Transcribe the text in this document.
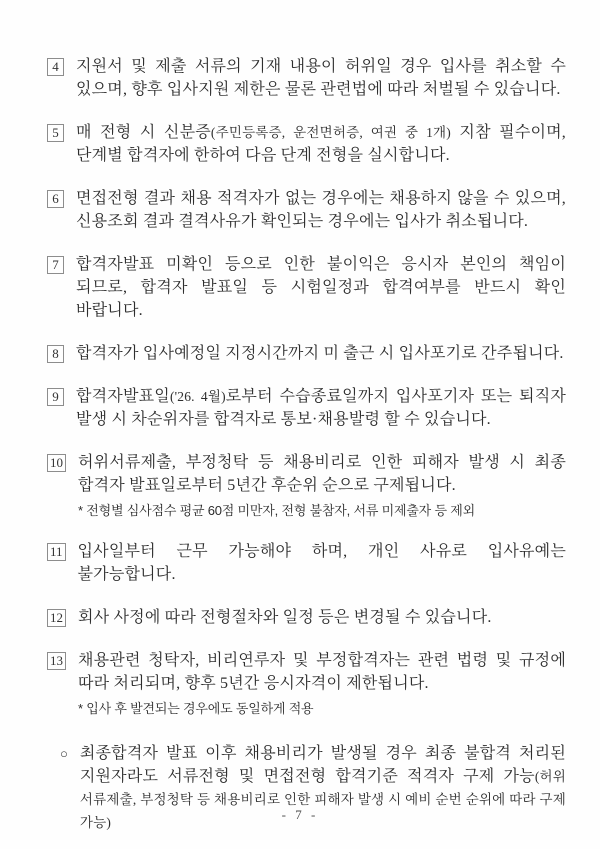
4	지원서 및 제출 서류의 기재 내용이 허위일 경우 입사를 취소할 수 있으며, 향후 입사지원 제한은 물론 관련법에 따라 처벌될 수 있습니다.
5	매 전형 시 신분증(주민등록증, 운전면허증, 여권 중 1개) 지참 필수이며, 단계별 합격자에 한하여 다음 단계 전형을 실시합니다.
6	면접전형 결과 채용 적격자가 없는 경우에는 채용하지 않을 수 있으며, 신용조회 결과 결격사유가 확인되는 경우에는 입사가 취소됩니다.
7	합격자발표 미확인 등으로 인한 불이익은 응시자 본인의 책임이 되므로, 합격자 발표일 등 시험일정과 합격여부를 반드시 확인 바랍니다.
8	합격자가 입사예정일 지정시간까지 미 출근 시 입사포기로 간주됩니다.
9	합격자발표일('26. 4월)로부터 수습종료일까지 입사포기자 또는 퇴직자 발생 시 차순위자를 합격자로 통보·채용발령 할 수 있습니다.
10 허위서류제출, 부정청탁 등 채용비리로 인한 피해자 발생 시 최종 합격자 발표일로부터 5년간 후순위 순으로 구제됩니다.
* 전형별 심사점수 평균 60점 미만자, 전형 불참자, 서류 미제출자 등 제외
11 입사일부터 근무 가능해야 하며, 개인 사유로 입사유예는 불가능합니다.
12 회사 사정에 따라 전형절차와 일정 등은 변경될 수 있습니다.
13 채용관련 청탁자, 비리연루자 및 부정합격자는 관련 법령 및 규정에 따라 처리되며, 향후 5년간 응시자격이 제한됩니다.
* 입사 후 발견되는 경우에도 동일하게 적용
○ 최종합격자 발표 이후 채용비리가 발생될 경우 최종 불합격 처리된 지원자라도 서류전형 및 면접전형 합격기준 적격자 구제 가능(허위 서류제출, 부정청탁 등 채용비리로 인한 피해자 발생 시 예비 순번 순위에 따라 구제 가능)
- 7 -
